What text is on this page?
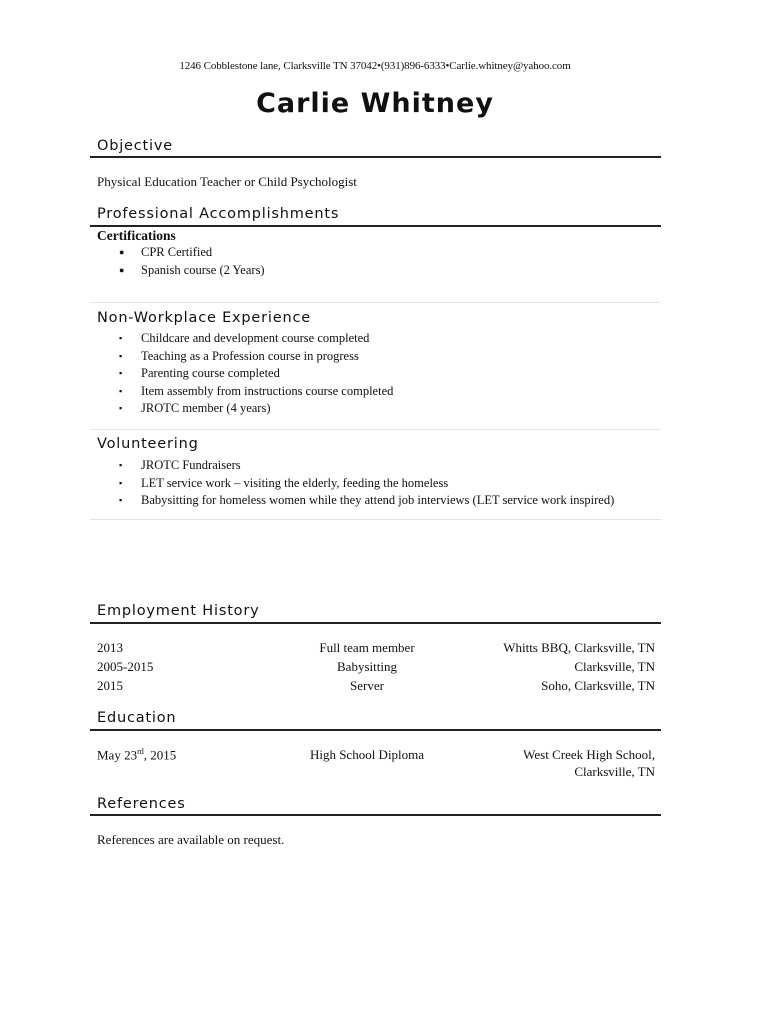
1246 Cobblestone lane, Clarksville TN 37042•(931)896-6333•Carlie.whitney@yahoo.com
Carlie Whitney
Objective
Physical Education Teacher or Child Psychologist
Professional Accomplishments
Certifications
● CPR Certified
● Spanish course (2 Years)
Non-Workplace Experience
▪ Childcare and development course completed
▪ Teaching as a Profession course in progress
▪ Parenting course completed
▪ Item assembly from instructions course completed
▪ JROTC member (4 years)
Volunteering
▪ JROTC Fundraisers
▪ LET service work – visiting the elderly, feeding the homeless
▪ Babysitting for homeless women while they attend job interviews (LET service work inspired)
Employment History
2013	Full team member	Whitts BBQ, Clarksville, TN
2005-2015	Babysitting	Clarksville, TN
2015	Server	Soho, Clarksville, TN
Education
May 23rd, 2015	High School Diploma	West Creek High School,
Clarksville, TN
References
References are available on request.
